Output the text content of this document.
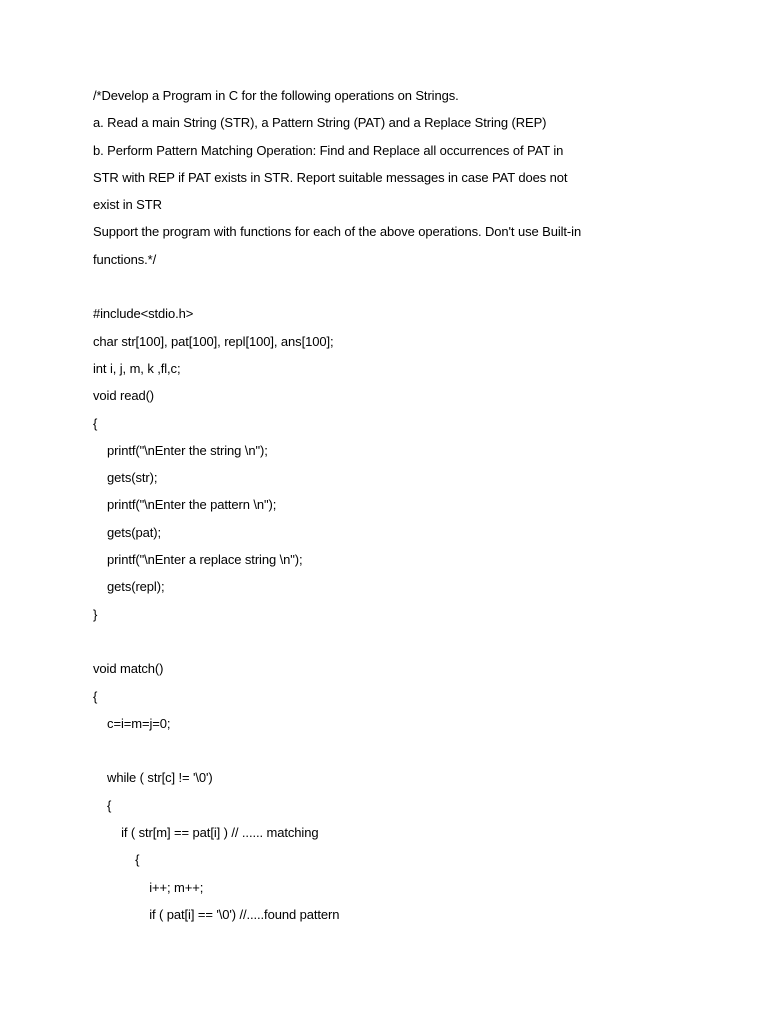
/*Develop a Program in C for the following operations on Strings.
a. Read a main String (STR), a Pattern String (PAT) and a Replace String (REP)
b. Perform Pattern Matching Operation: Find and Replace all occurrences of PAT in
STR with REP if PAT exists in STR. Report suitable messages in case PAT does not
exist in STR
Support the program with functions for each of the above operations. Don't use Built-in
functions.*/
#include<stdio.h>
char str[100], pat[100], repl[100], ans[100];
int i, j, m, k ,fl,c;
void read()
{
printf("\nEnter the string \n");
gets(str);
printf("\nEnter the pattern \n");
gets(pat);
printf("\nEnter a replace string \n");
gets(repl);
}
void match()
{
c=i=m=j=0;
while ( str[c] != '\0')
{
if ( str[m] == pat[i] ) // ...... matching
{
i++; m++;
if ( pat[i] == '\0') //.....found pattern
